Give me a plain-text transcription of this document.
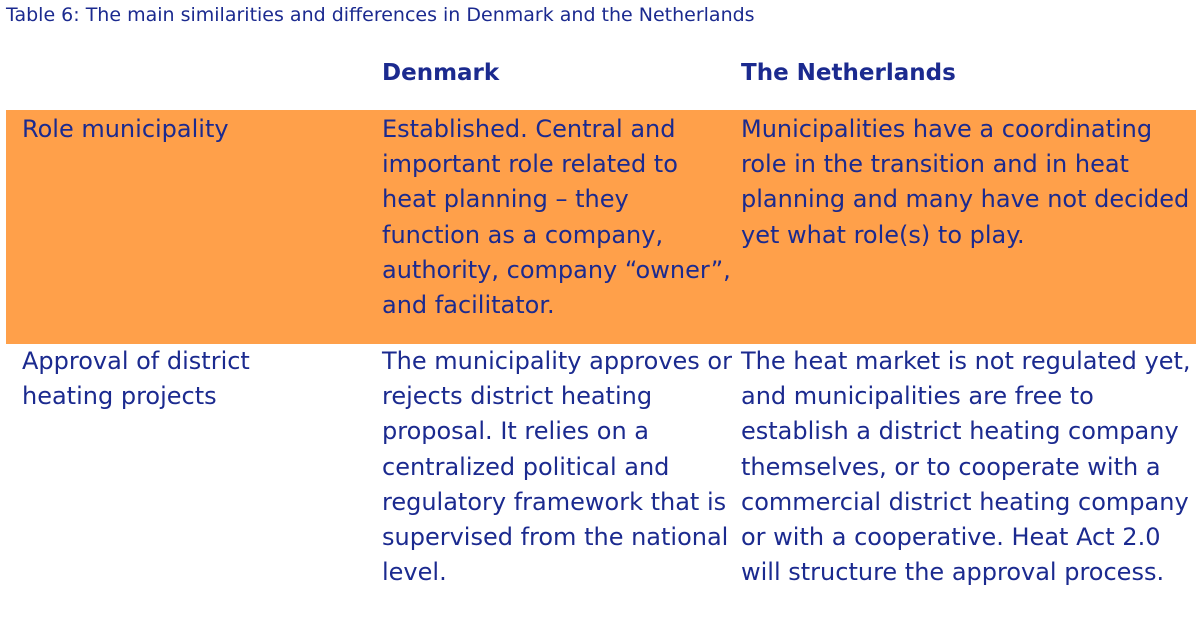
Table 6: The main similarities and differences in Denmark and the Netherlands
Denmark	The Netherlands
Role municipality	Established. Central and important role related to heat planning – they function as a company, authority, company “owner”, and facilitator.
Municipalities have a coordinating role in the transition and in heat planning and many have not decided yet what role(s) to play.
Approval of district heating projects
The municipality approves or rejects district heating proposal. It relies on a centralized political and regulatory framework that is supervised from the national level.
The heat market is not regulated yet, and municipalities are free to establish a district heating company themselves, or to cooperate with a commercial district heating company or with a cooperative. Heat Act 2.0 will structure the approval process.
